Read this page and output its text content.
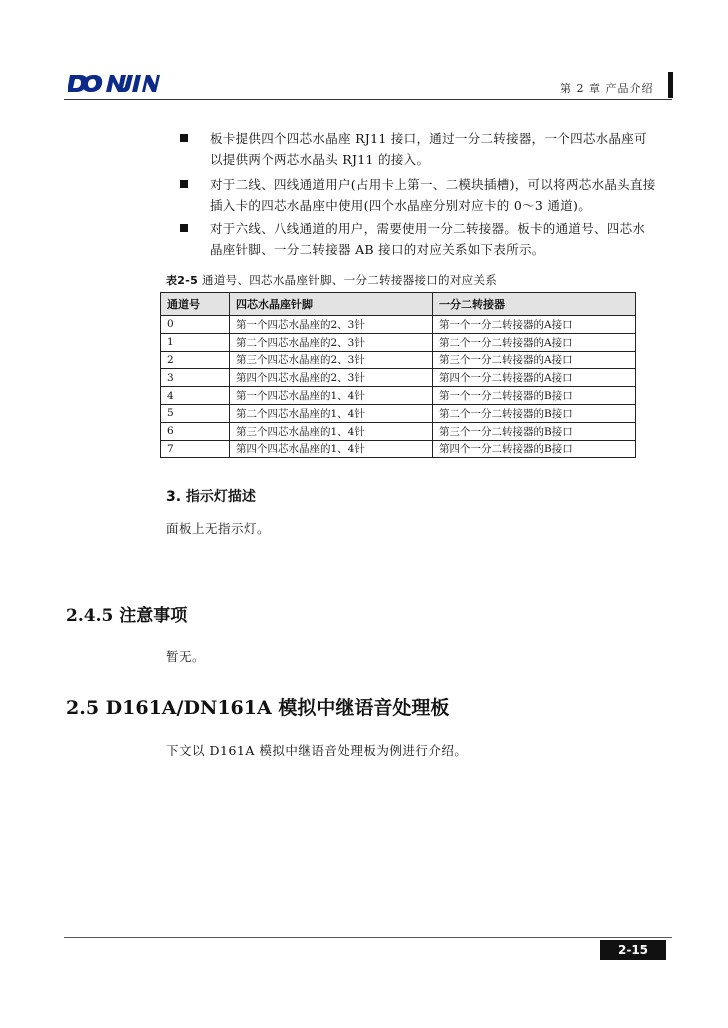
第 2 章 产品介绍
板卡提供四个四芯水晶座 RJ11 接口，通过一分二转接器，一个四芯水晶座可以提供两个两芯水晶头 RJ11 的接入。
对于二线、四线通道用户(占用卡上第一、二模块插槽)，可以将两芯水晶头直接插入卡的四芯水晶座中使用(四个水晶座分别对应卡的 0～3 通道)。
对于六线、八线通道的用户，需要使用一分二转接器。板卡的通道号、四芯水晶座针脚、一分二转接器 AB 接口的对应关系如下表所示。
表2-5 通道号、四芯水晶座针脚、一分二转接器接口的对应关系
通道号	四芯水晶座针脚	一分二转接器
0	第一个四芯水晶座的2、3针	第一个一分二转接器的A接口
1	第二个四芯水晶座的2、3针	第二个一分二转接器的A接口
2	第三个四芯水晶座的2、3针	第三个一分二转接器的A接口
3	第四个四芯水晶座的2、3针	第四个一分二转接器的A接口
4	第一个四芯水晶座的1、4针	第一个一分二转接器的B接口
5	第二个四芯水晶座的1、4针	第二个一分二转接器的B接口
6	第三个四芯水晶座的1、4针	第三个一分二转接器的B接口
7	第四个四芯水晶座的1、4针	第四个一分二转接器的B接口
3. 指示灯描述
面板上无指示灯。
2.4.5 注意事项
暂无。
2.5 D161A/DN161A 模拟中继语音处理板
下文以 D161A 模拟中继语音处理板为例进行介绍。
2-15
